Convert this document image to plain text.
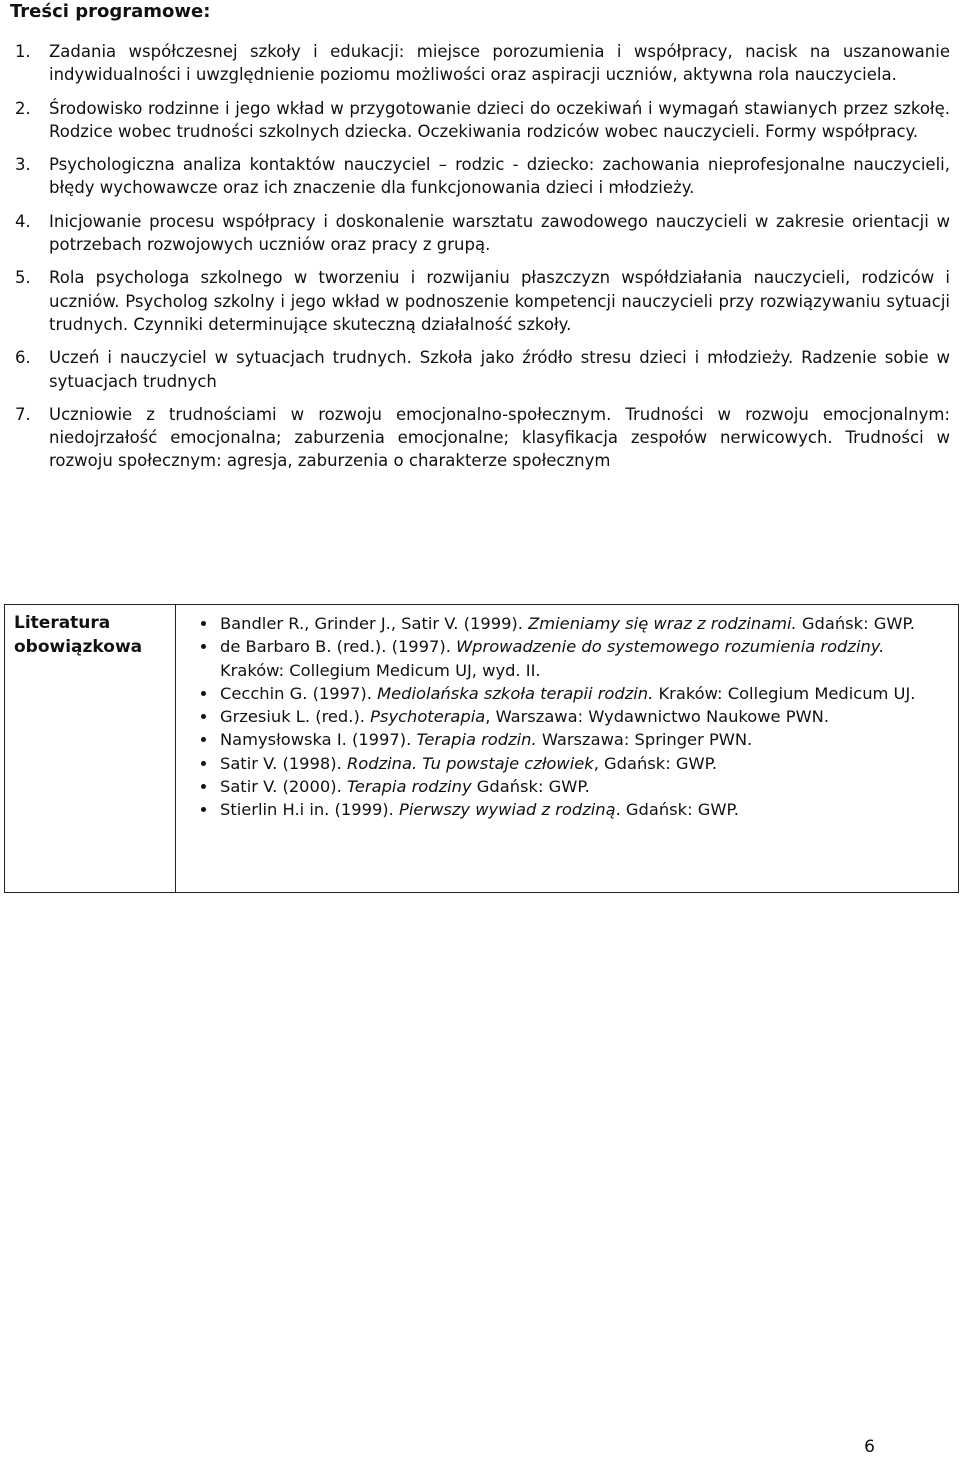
Treści programowe:
1.	Zadania współczesnej szkoły i edukacji: miejsce porozumienia i współpracy, nacisk na uszanowanie indywidualności i uwzględnienie poziomu możliwości oraz aspiracji uczniów, aktywna rola nauczyciela.
2.	Środowisko rodzinne i jego wkład w przygotowanie dzieci do oczekiwań i wymagań stawianych przez szkołę. Rodzice wobec trudności szkolnych dziecka. Oczekiwania rodziców wobec nauczycieli. Formy współpracy.
3.	Psychologiczna analiza kontaktów nauczyciel – rodzic - dziecko: zachowania nieprofesjonalne nauczycieli, błędy wychowawcze oraz ich znaczenie dla funkcjonowania dzieci i młodzieży.
4.	Inicjowanie procesu współpracy i doskonalenie warsztatu zawodowego nauczycieli w zakresie orientacji w potrzebach rozwojowych uczniów oraz pracy z grupą.
5.	Rola psychologa szkolnego w tworzeniu i rozwijaniu płaszczyzn współdziałania nauczycieli, rodziców i uczniów. Psycholog szkolny i jego wkład w podnoszenie kompetencji nauczycieli przy rozwiązywaniu sytuacji trudnych. Czynniki determinujące skuteczną działalność szkoły.
6.	Uczeń i nauczyciel w sytuacjach trudnych. Szkoła jako źródło stresu dzieci i młodzieży. Radzenie sobie w sytuacjach trudnych
7.	Uczniowie z trudnościami w rozwoju emocjonalno-społecznym. Trudności w rozwoju emocjonalnym: niedojrzałość emocjonalna; zaburzenia emocjonalne; klasyfikacja zespołów nerwicowych. Trudności w rozwoju społecznym: agresja, zaburzenia o charakterze społecznym
Literatura obowiązkowa

• Bandler R., Grinder J., Satir V. (1999). Zmieniamy się wraz z rodzinami. Gdańsk: GWP.
• de Barbaro B. (red.). (1997). Wprowadzenie do systemowego rozumienia rodziny. Kraków: Collegium Medicum UJ, wyd. II.
• Cecchin G. (1997). Mediolańska szkoła terapii rodzin. Kraków: Collegium Medicum UJ.
• Grzesiuk L. (red.). Psychoterapia, Warszawa: Wydawnictwo Naukowe PWN.
• Namysłowska I. (1997). Terapia rodzin. Warszawa: Springer PWN.
• Satir V. (1998). Rodzina. Tu powstaje człowiek, Gdańsk: GWP.
• Satir V. (2000). Terapia rodziny Gdańsk: GWP.
• Stierlin H.i in. (1999). Pierwszy wywiad z rodziną. Gdańsk: GWP.
6
